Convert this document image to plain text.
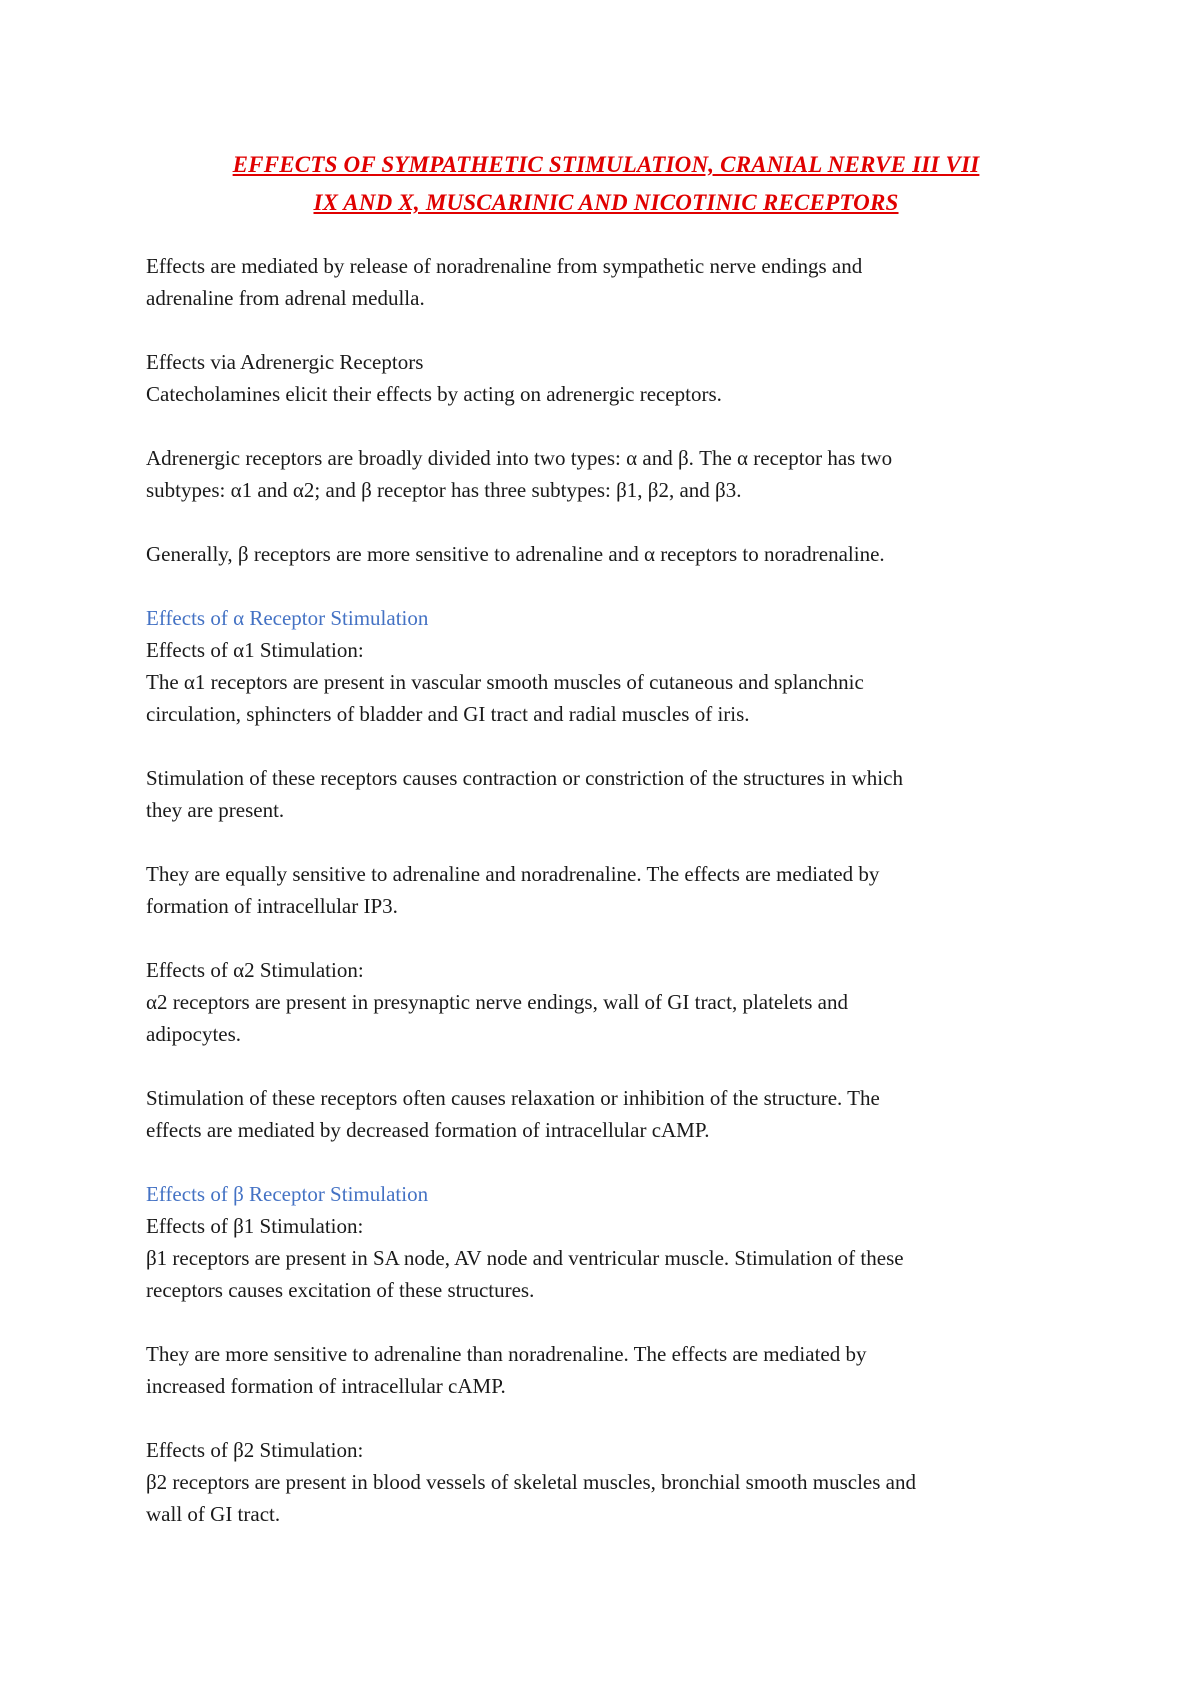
EFFECTS OF SYMPATHETIC STIMULATION, CRANIAL NERVE III VII
IX AND X, MUSCARINIC AND NICOTINIC RECEPTORS
Effects are mediated by release of noradrenaline from sympathetic nerve endings and
adrenaline from adrenal medulla.
Effects via Adrenergic Receptors
Catecholamines elicit their effects by acting on adrenergic receptors.
Adrenergic receptors are broadly divided into two types: α and β. The α receptor has two
subtypes: α1 and α2; and β receptor has three subtypes: β1, β2, and β3.
Generally, β receptors are more sensitive to adrenaline and α receptors to noradrenaline.
Effects of α Receptor Stimulation
Effects of α1 Stimulation:
The α1 receptors are present in vascular smooth muscles of cutaneous and splanchnic
circulation, sphincters of bladder and GI tract and radial muscles of iris.
Stimulation of these receptors causes contraction or constriction of the structures in which
they are present.
They are equally sensitive to adrenaline and noradrenaline. The effects are mediated by
formation of intracellular IP3.
Effects of α2 Stimulation:
α2 receptors are present in presynaptic nerve endings, wall of GI tract, platelets and
adipocytes.
Stimulation of these receptors often causes relaxation or inhibition of the structure. The
effects are mediated by decreased formation of intracellular cAMP.
Effects of β Receptor Stimulation
Effects of β1 Stimulation:
β1 receptors are present in SA node, AV node and ventricular muscle. Stimulation of these
receptors causes excitation of these structures.
They are more sensitive to adrenaline than noradrenaline. The effects are mediated by
increased formation of intracellular cAMP.
Effects of β2 Stimulation:
β2 receptors are present in blood vessels of skeletal muscles, bronchial smooth muscles and
wall of GI tract.
